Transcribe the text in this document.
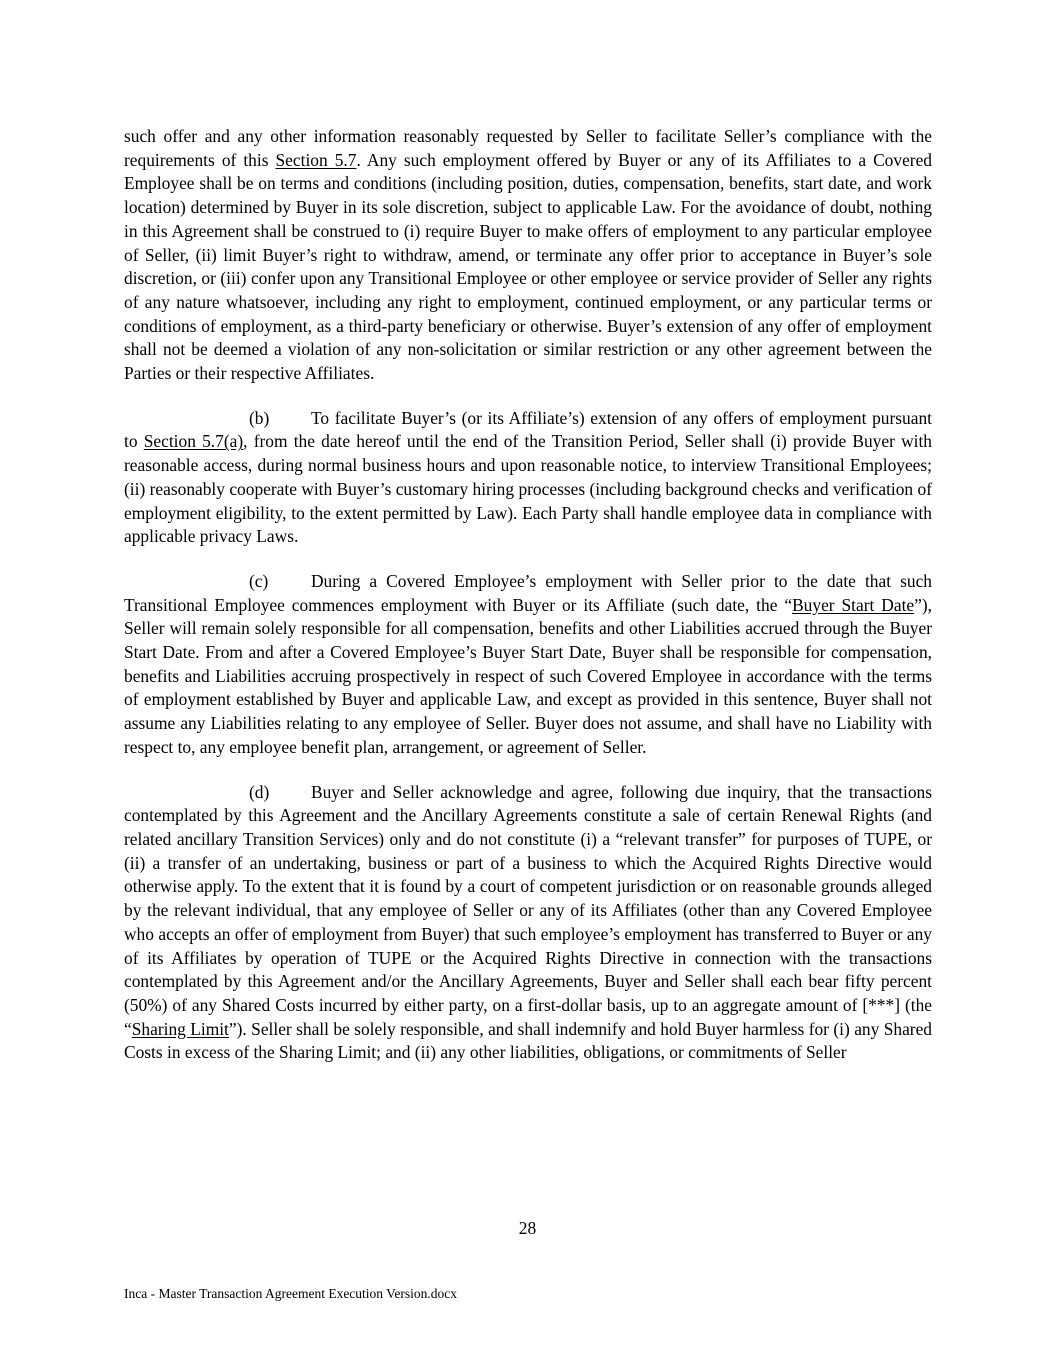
such offer and any other information reasonably requested by Seller to facilitate Seller’s compliance with the requirements of this Section 5.7. Any such employment offered by Buyer or any of its Affiliates to a Covered Employee shall be on terms and conditions (including position, duties, compensation, benefits, start date, and work location) determined by Buyer in its sole discretion, subject to applicable Law. For the avoidance of doubt, nothing in this Agreement shall be construed to (i) require Buyer to make offers of employment to any particular employee of Seller, (ii) limit Buyer’s right to withdraw, amend, or terminate any offer prior to acceptance in Buyer’s sole discretion, or (iii) confer upon any Transitional Employee or other employee or service provider of Seller any rights of any nature whatsoever, including any right to employment, continued employment, or any particular terms or conditions of employment, as a third-party beneficiary or otherwise. Buyer’s extension of any offer of employment shall not be deemed a violation of any non-solicitation or similar restriction or any other agreement between the Parties or their respective Affiliates.

(b) To facilitate Buyer’s (or its Affiliate’s) extension of any offers of employment pursuant to Section 5.7(a), from the date hereof until the end of the Transition Period, Seller shall (i) provide Buyer with reasonable access, during normal business hours and upon reasonable notice, to interview Transitional Employees; (ii) reasonably cooperate with Buyer’s customary hiring processes (including background checks and verification of employment eligibility, to the extent permitted by Law). Each Party shall handle employee data in compliance with applicable privacy Laws.

(c) During a Covered Employee’s employment with Seller prior to the date that such Transitional Employee commences employment with Buyer or its Affiliate (such date, the “Buyer Start Date”), Seller will remain solely responsible for all compensation, benefits and other Liabilities accrued through the Buyer Start Date. From and after a Covered Employee’s Buyer Start Date, Buyer shall be responsible for compensation, benefits and Liabilities accruing prospectively in respect of such Covered Employee in accordance with the terms of employment established by Buyer and applicable Law, and except as provided in this sentence, Buyer shall not assume any Liabilities relating to any employee of Seller. Buyer does not assume, and shall have no Liability with respect to, any employee benefit plan, arrangement, or agreement of Seller.

(d) Buyer and Seller acknowledge and agree, following due inquiry, that the transactions contemplated by this Agreement and the Ancillary Agreements constitute a sale of certain Renewal Rights (and related ancillary Transition Services) only and do not constitute (i) a “relevant transfer” for purposes of TUPE, or (ii) a transfer of an undertaking, business or part of a business to which the Acquired Rights Directive would otherwise apply. To the extent that it is found by a court of competent jurisdiction or on reasonable grounds alleged by the relevant individual, that any employee of Seller or any of its Affiliates (other than any Covered Employee who accepts an offer of employment from Buyer) that such employee’s employment has transferred to Buyer or any of its Affiliates by operation of TUPE or the Acquired Rights Directive in connection with the transactions contemplated by this Agreement and/or the Ancillary Agreements, Buyer and Seller shall each bear fifty percent (50%) of any Shared Costs incurred by either party, on a first-dollar basis, up to an aggregate amount of [***] (the “Sharing Limit”). Seller shall be solely responsible, and shall indemnify and hold Buyer harmless for (i) any Shared Costs in excess of the Sharing Limit; and (ii) any other liabilities, obligations, or commitments of Seller

28
Inca - Master Transaction Agreement Execution Version.docx
